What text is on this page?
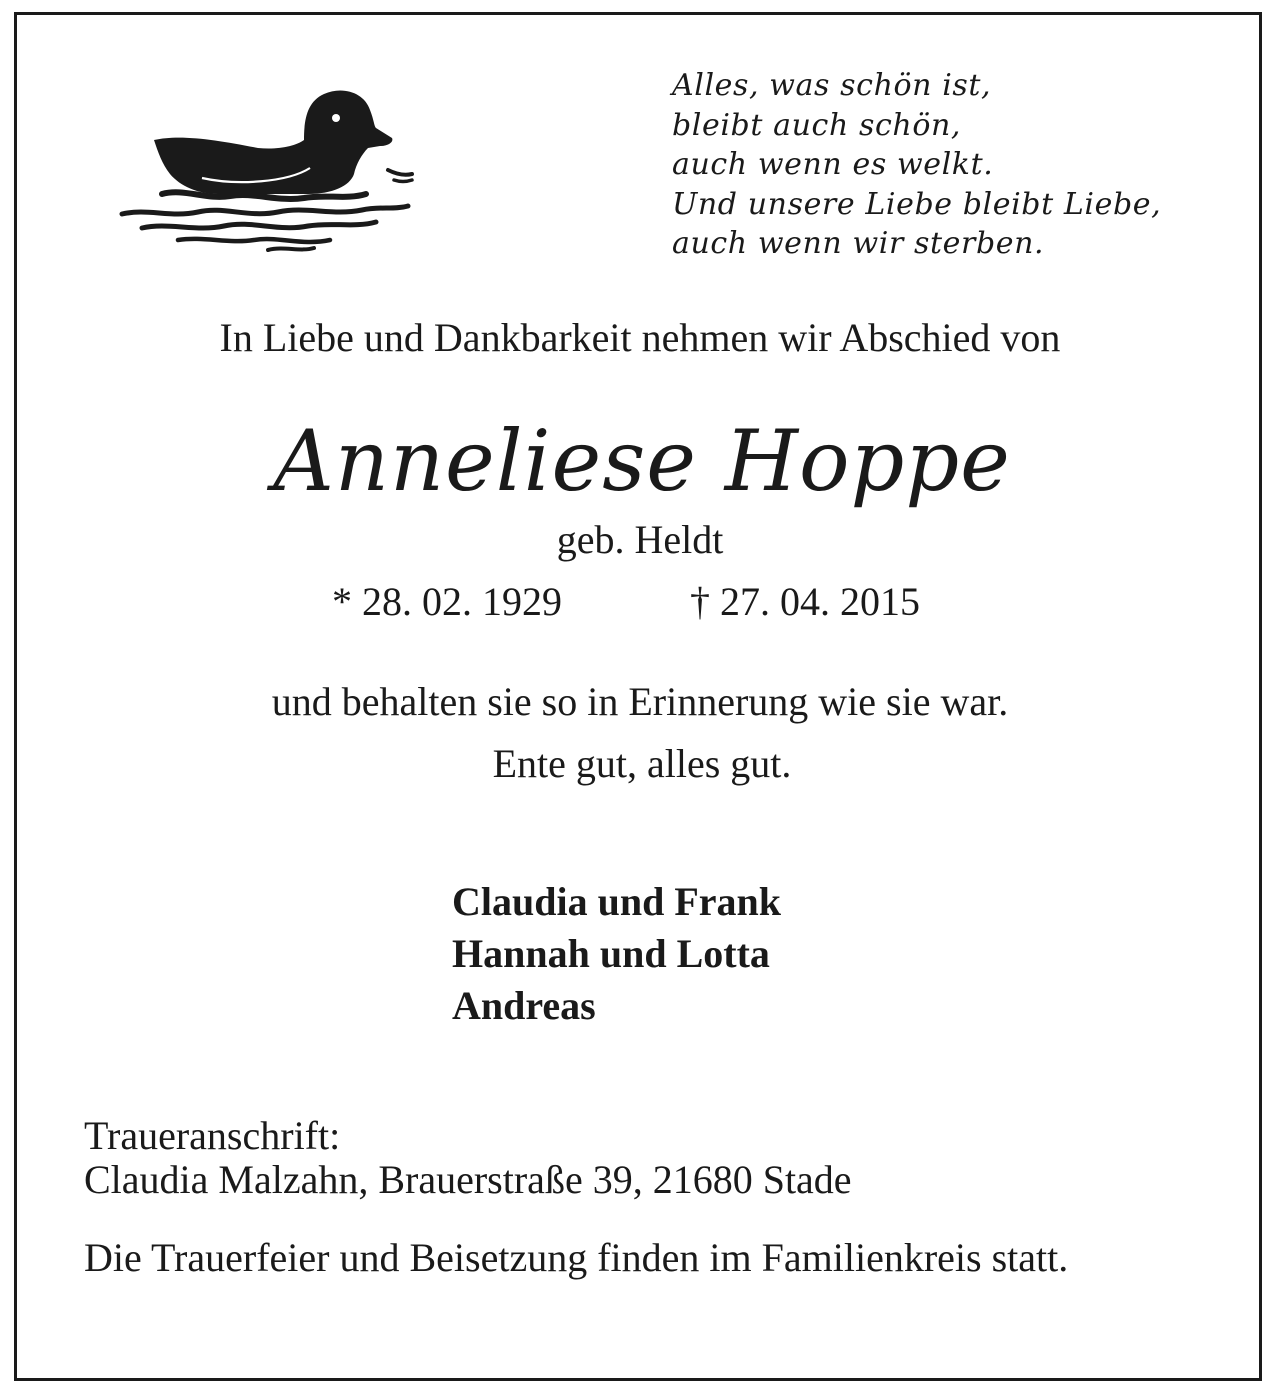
Alles, was schön ist,
bleibt auch schön,
auch wenn es welkt.
Und unsere Liebe bleibt Liebe,
auch wenn wir sterben.
In Liebe und Dankbarkeit nehmen wir Abschied von
Anneliese Hoppe
geb. Heldt
* 28. 02. 1929	† 27. 04. 2015
und behalten sie so in Erinnerung wie sie war.
Ente gut, alles gut.
Claudia und Frank
Hannah und Lotta
Andreas
Traueranschrift:
Claudia Malzahn, Brauerstraße 39, 21680 Stade
Die Trauerfeier und Beisetzung finden im Familienkreis statt.
